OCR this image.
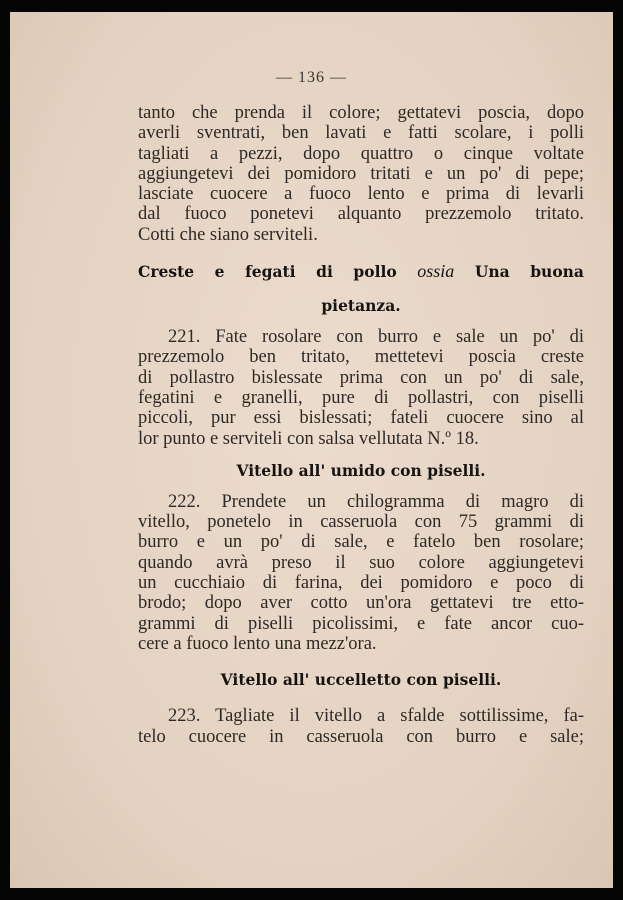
— 136 —
tanto che prenda il colore; gettatevi poscia, dopo
averli sventrati, ben lavati e fatti scolare, i polli
tagliati a pezzi, dopo quattro o cinque voltate
aggiungetevi dei pomidoro tritati e un po' di pepe;
lasciate cuocere a fuoco lento e prima di levarli
dal fuoco ponetevi alquanto prezzemolo tritato.
Cotti che siano serviteli.
Creste e fegati di pollo ossia Una buona
pietanza.
221. Fate rosolare con burro e sale un po' di
prezzemolo ben tritato, mettetevi poscia creste
di pollastro bislessate prima con un po' di sale,
fegatini e granelli, pure di pollastri, con piselli
piccoli, pur essi bislessati; fateli cuocere sino al
lor punto e serviteli con salsa vellutata N.º 18.
Vitello all' umido con piselli.
222. Prendete un chilogramma di magro di
vitello, ponetelo in casseruola con 75 grammi di
burro e un po' di sale, e fatelo ben rosolare;
quando avrà preso il suo colore aggiungetevi
un cucchiaio di farina, dei pomidoro e poco di
brodo; dopo aver cotto un'ora gettatevi tre etto-
grammi di piselli picolissimi, e fate ancor cuo-
cere a fuoco lento una mezz'ora.
Vitello all' uccelletto con piselli.
223. Tagliate il vitello a sfalde sottilissime, fa-
telo cuocere in casseruola con burro e sale;
